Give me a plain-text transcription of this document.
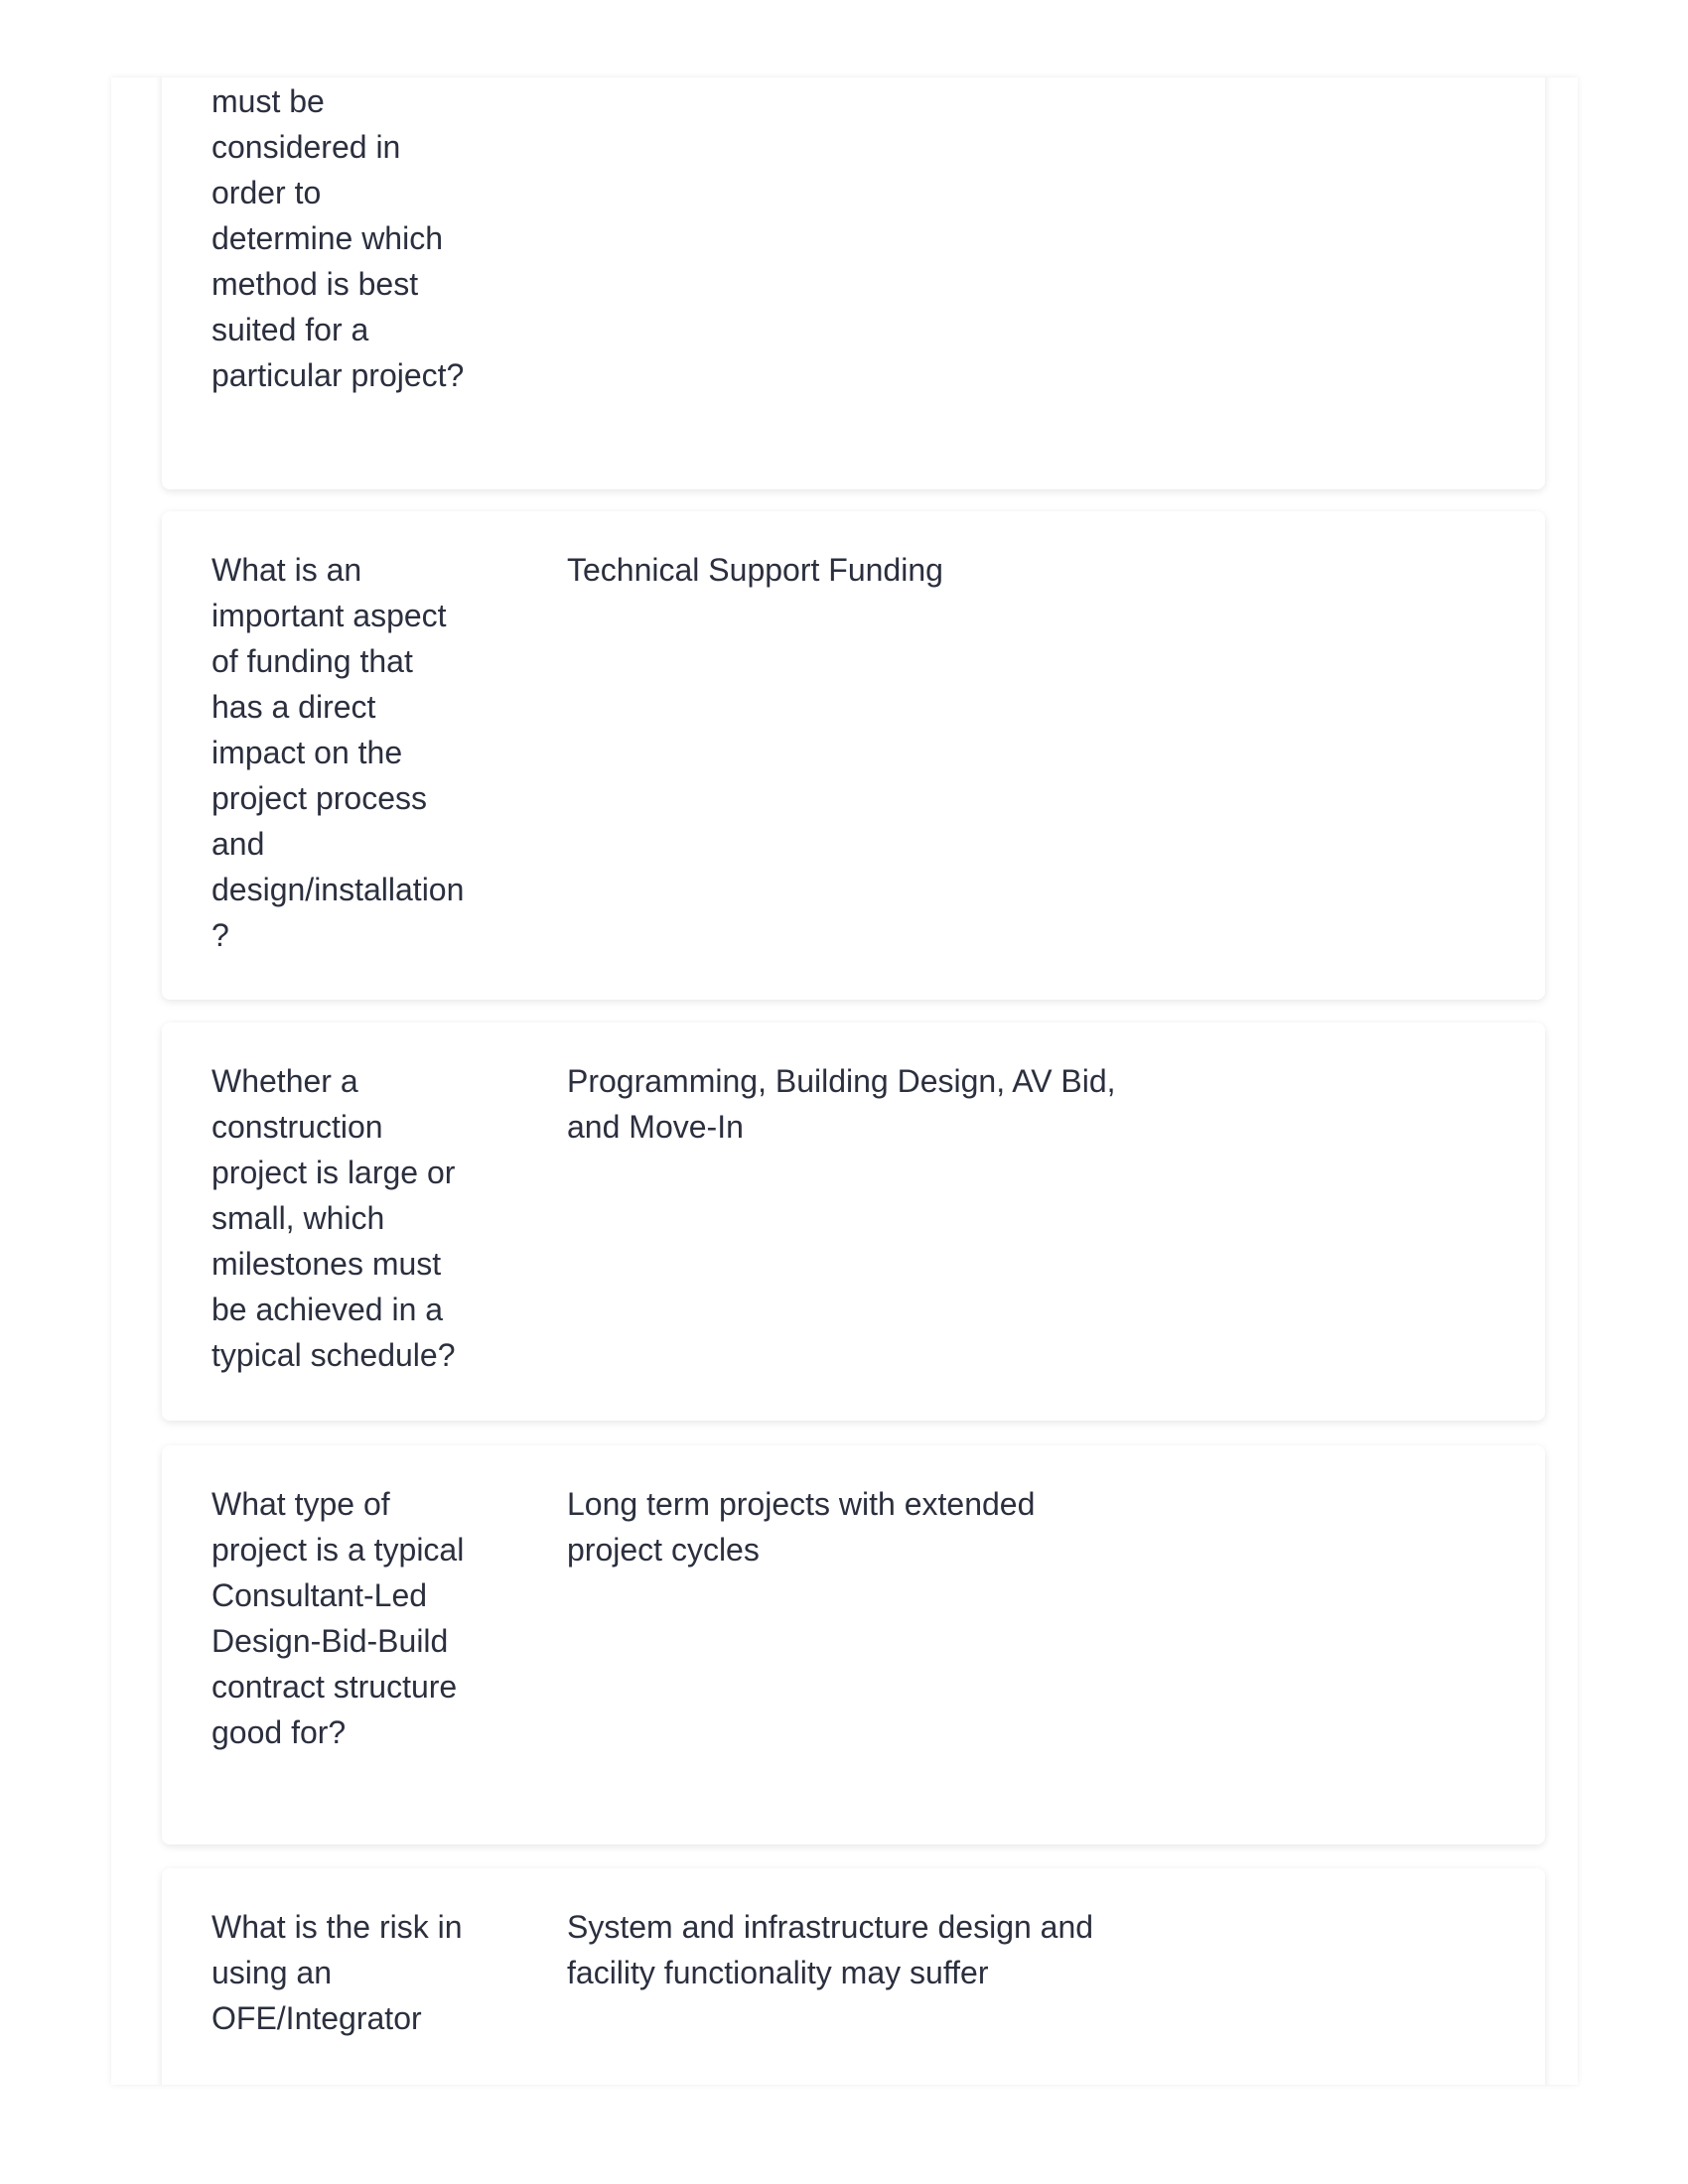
must be considered in order to determine which method is best suited for a particular project?
What is an important aspect of funding that has a direct impact on the project process and design/installation?
Technical Support Funding
Whether a construction project is large or small, which milestones must be achieved in a typical schedule?
Programming, Building Design, AV Bid, and Move-In
What type of project is a typical Consultant-Led Design-Bid-Build contract structure good for?
Long term projects with extended project cycles
What is the risk in using an OFE/Integrator
System and infrastructure design and facility functionality may suffer
